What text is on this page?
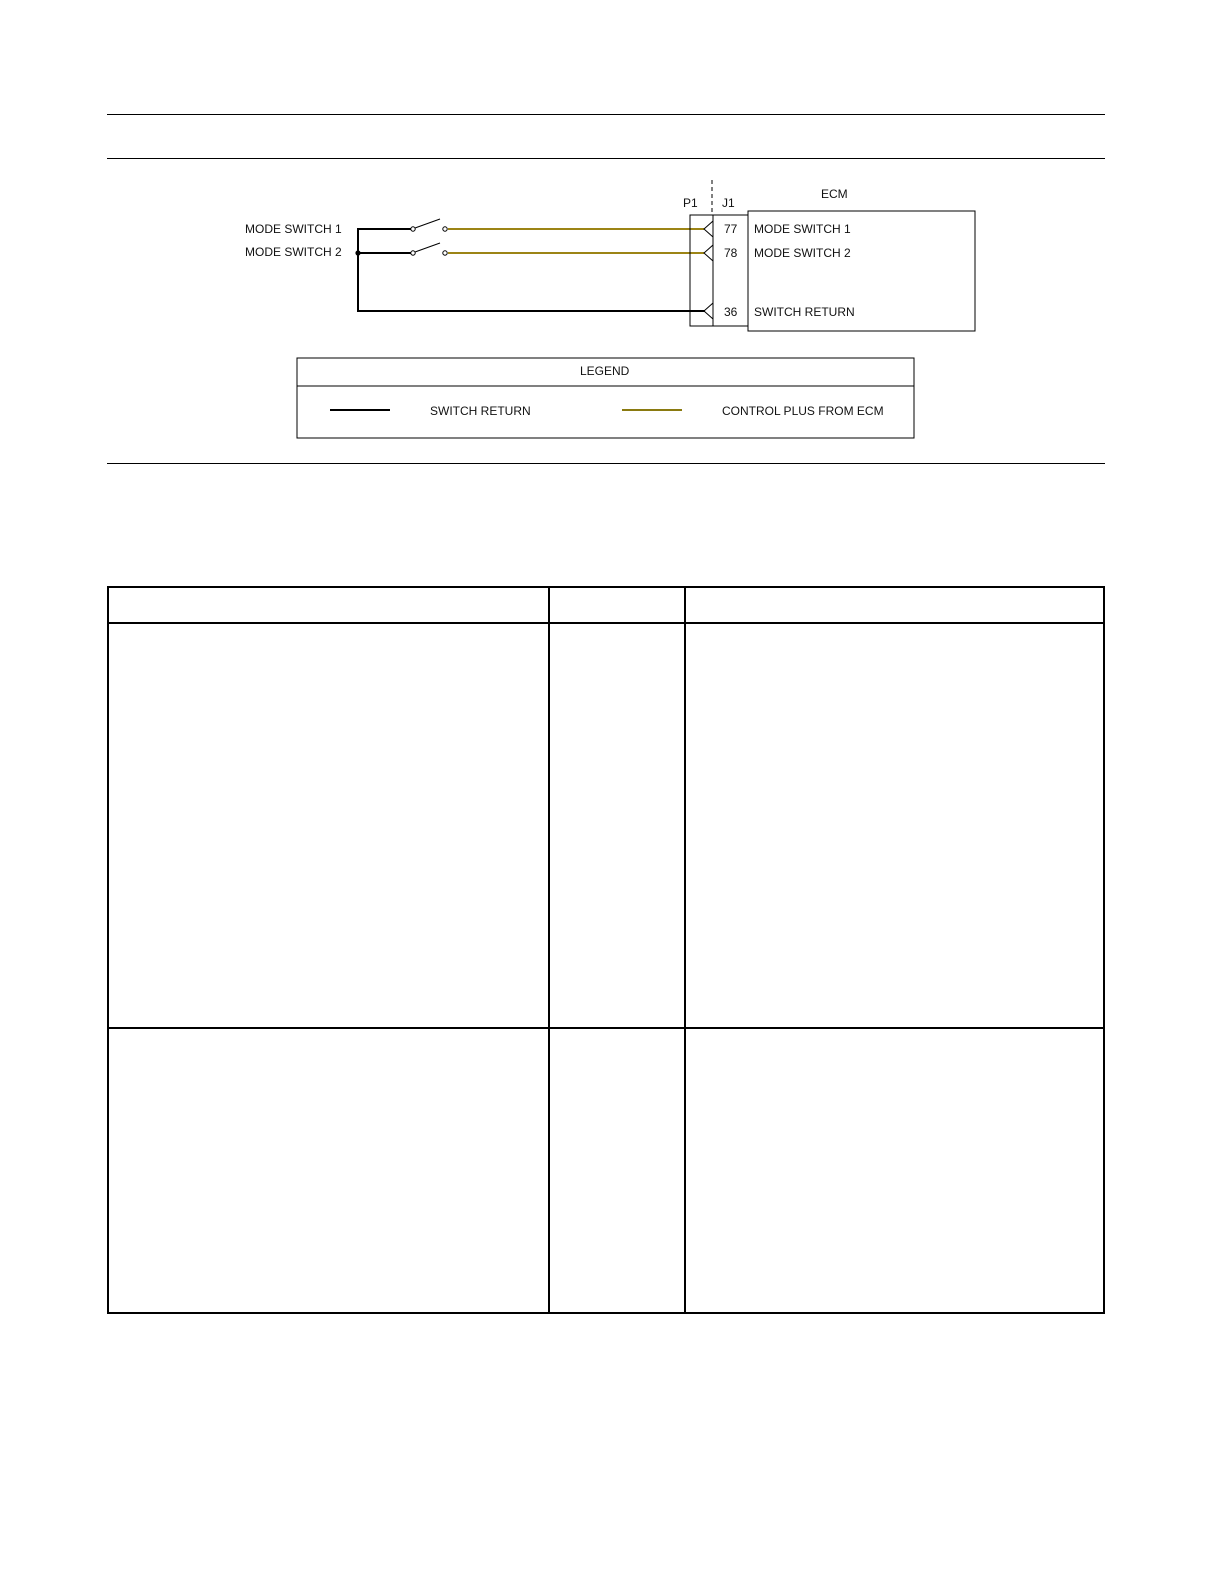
MODE SWITCH 1
MODE SWITCH 2
P1 J1
77
78
36
ECM
MODE SWITCH 1
MODE SWITCH 2
SWITCH RETURN
LEGEND
SWITCH RETURN	CONTROL PLUS FROM ECM
